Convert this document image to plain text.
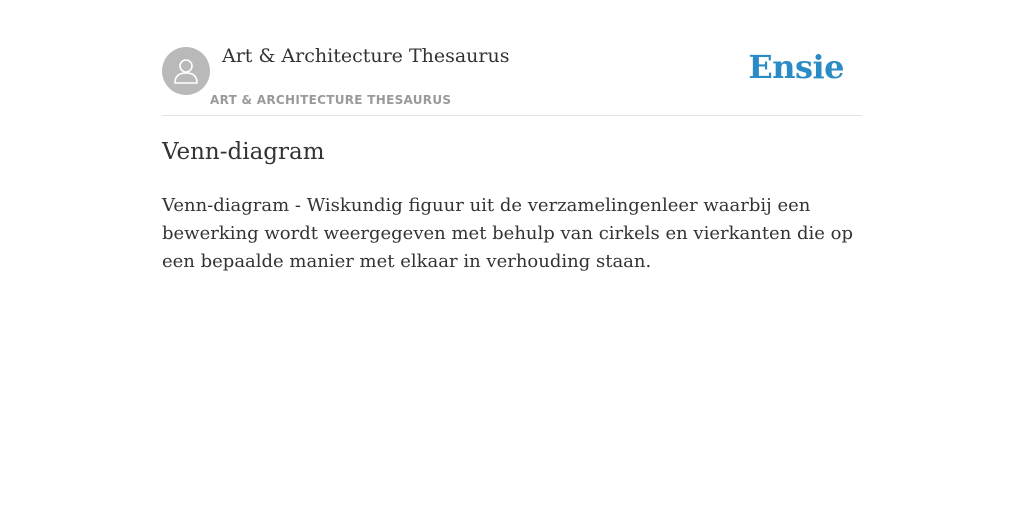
Art & Architecture Thesaurus
ART & ARCHITECTURE THESAURUS
Ensie
Venn-diagram

Venn-diagram - Wiskundig figuur uit de verzamelingenleer waarbij een bewerking wordt weergegeven met behulp van cirkels en vierkanten die op een bepaalde manier met elkaar in verhouding staan.
